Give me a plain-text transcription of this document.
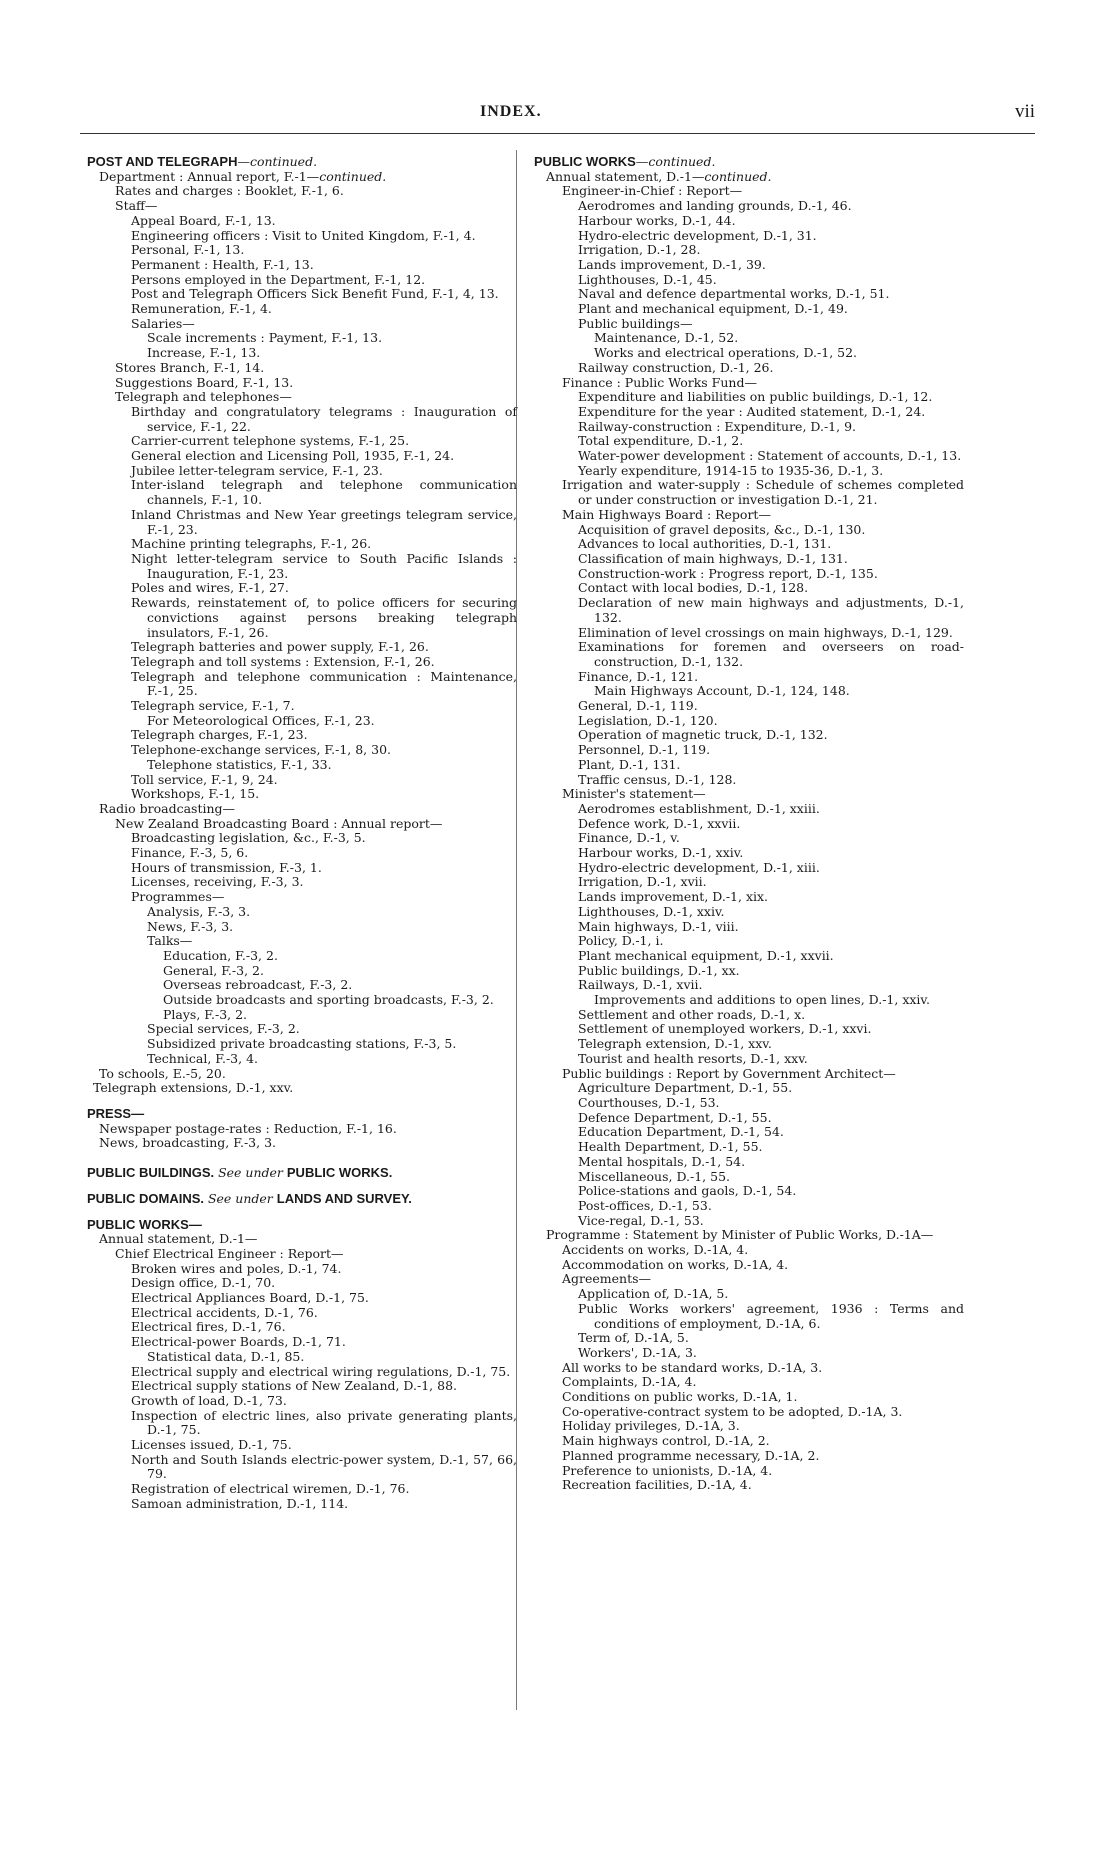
INDEX.	vii
POST AND TELEGRAPH—continued.
Department : Annual report, F.-1—continued.
Rates and charges : Booklet, F.-1, 6.
Staff—
Appeal Board, F.-1, 13.
Engineering officers : Visit to United Kingdom, F.-1, 4.
Personal, F.-1, 13.
Permanent : Health, F.-1, 13.
Persons employed in the Department, F.-1, 12.
Post and Telegraph Officers Sick Benefit Fund, F.-1, 4, 13.
Remuneration, F.-1, 4.
Salaries—
Scale increments : Payment, F.-1, 13.
Increase, F.-1, 13.
Stores Branch, F.-1, 14.
Suggestions Board, F.-1, 13.
Telegraph and telephones—
Birthday and congratulatory telegrams : Inauguration of service, F.-1, 22.
Carrier-current telephone systems, F.-1, 25.
General election and Licensing Poll, 1935, F.-1, 24.
Jubilee letter-telegram service, F.-1, 23.
Inter-island telegraph and telephone communication channels, F.-1, 10.
Inland Christmas and New Year greetings telegram service, F.-1, 23.
Machine printing telegraphs, F.-1, 26.
Night letter-telegram service to South Pacific Islands : Inauguration, F.-1, 23.
Poles and wires, F.-1, 27.
Rewards, reinstatement of, to police officers for securing convictions against persons breaking telegraph insulators, F.-1, 26.
Telegraph batteries and power supply, F.-1, 26.
Telegraph and toll systems : Extension, F.-1, 26.
Telegraph and telephone communication : Maintenance, F.-1, 25.
Telegraph service, F.-1, 7.
For Meteorological Offices, F.-1, 23.
Telegraph charges, F.-1, 23.
Telephone-exchange services, F.-1, 8, 30.
Telephone statistics, F.-1, 33.
Toll service, F.-1, 9, 24.
Workshops, F.-1, 15.
Radio broadcasting—
New Zealand Broadcasting Board : Annual report—
Broadcasting legislation, &c., F.-3, 5.
Finance, F.-3, 5, 6.
Hours of transmission, F.-3, 1.
Licenses, receiving, F.-3, 3.
Programmes—
Analysis, F.-3, 3.
News, F.-3, 3.
Talks—
Education, F.-3, 2.
General, F.-3, 2.
Overseas rebroadcast, F.-3, 2.
Outside broadcasts and sporting broadcasts, F.-3, 2.
Plays, F.-3, 2.
Special services, F.-3, 2.
Subsidized private broadcasting stations, F.-3, 5.
Technical, F.-3, 4.
To schools, E.-5, 20.
Telegraph extensions, D.-1, xxv.
PRESS—
Newspaper postage-rates : Reduction, F.-1, 16.
News, broadcasting, F.-3, 3.
PUBLIC BUILDINGS. See under PUBLIC WORKS.
PUBLIC DOMAINS. See under LANDS AND SURVEY.
PUBLIC WORKS—
Annual statement, D.-1—
Chief Electrical Engineer : Report—
Broken wires and poles, D.-1, 74.
Design office, D.-1, 70.
Electrical Appliances Board, D.-1, 75.
Electrical accidents, D.-1, 76.
Electrical fires, D.-1, 76.
Electrical-power Boards, D.-1, 71.
Statistical data, D.-1, 85.
Electrical supply and electrical wiring regulations, D.-1, 75.
Electrical supply stations of New Zealand, D.-1, 88.
Growth of load, D.-1, 73.
Inspection of electric lines, also private generating plants, D.-1, 75.
Licenses issued, D.-1, 75.
North and South Islands electric-power system, D.-1, 57, 66, 79.
Registration of electrical wiremen, D.-1, 76.
Samoan administration, D.-1, 114.
PUBLIC WORKS—continued.
Annual statement, D.-1—continued.
Engineer-in-Chief : Report—
Aerodromes and landing grounds, D.-1, 46.
Harbour works, D.-1, 44.
Hydro-electric development, D.-1, 31.
Irrigation, D.-1, 28.
Lands improvement, D.-1, 39.
Lighthouses, D.-1, 45.
Naval and defence departmental works, D.-1, 51.
Plant and mechanical equipment, D.-1, 49.
Public buildings—
Maintenance, D.-1, 52.
Works and electrical operations, D.-1, 52.
Railway construction, D.-1, 26.
Finance : Public Works Fund—
Expenditure and liabilities on public buildings, D.-1, 12.
Expenditure for the year : Audited statement, D.-1, 24.
Railway-construction : Expenditure, D.-1, 9.
Total expenditure, D.-1, 2.
Water-power development : Statement of accounts, D.-1, 13.
Yearly expenditure, 1914-15 to 1935-36, D.-1, 3.
Irrigation and water-supply : Schedule of schemes completed or under construction or investigation D.-1, 21.
Main Highways Board : Report—
Acquisition of gravel deposits, &c., D.-1, 130.
Advances to local authorities, D.-1, 131.
Classification of main highways, D.-1, 131.
Construction-work : Progress report, D.-1, 135.
Contact with local bodies, D.-1, 128.
Declaration of new main highways and adjustments, D.-1, 132.
Elimination of level crossings on main highways, D.-1, 129.
Examinations for foremen and overseers on road-construction, D.-1, 132.
Finance, D.-1, 121.
Main Highways Account, D.-1, 124, 148.
General, D.-1, 119.
Legislation, D.-1, 120.
Operation of magnetic truck, D.-1, 132.
Personnel, D.-1, 119.
Plant, D.-1, 131.
Traffic census, D.-1, 128.
Minister's statement—
Aerodromes establishment, D.-1, xxiii.
Defence work, D.-1, xxvii.
Finance, D.-1, v.
Harbour works, D.-1, xxiv.
Hydro-electric development, D.-1, xiii.
Irrigation, D.-1, xvii.
Lands improvement, D.-1, xix.
Lighthouses, D.-1, xxiv.
Main highways, D.-1, viii.
Policy, D.-1, i.
Plant mechanical equipment, D.-1, xxvii.
Public buildings, D.-1, xx.
Railways, D.-1, xvii.
Improvements and additions to open lines, D.-1, xxiv.
Settlement and other roads, D.-1, x.
Settlement of unemployed workers, D.-1, xxvi.
Telegraph extension, D.-1, xxv.
Tourist and health resorts, D.-1, xxv.
Public buildings : Report by Government Architect—
Agriculture Department, D.-1, 55.
Courthouses, D.-1, 53.
Defence Department, D.-1, 55.
Education Department, D.-1, 54.
Health Department, D.-1, 55.
Mental hospitals, D.-1, 54.
Miscellaneous, D.-1, 55.
Police-stations and gaols, D.-1, 54.
Post-offices, D.-1, 53.
Vice-regal, D.-1, 53.
Programme : Statement by Minister of Public Works, D.-1A—
Accidents on works, D.-1A, 4.
Accommodation on works, D.-1A, 4.
Agreements—
Application of, D.-1A, 5.
Public Works workers' agreement, 1936 : Terms and conditions of employment, D.-1A, 6.
Term of, D.-1A, 5.
Workers', D.-1A, 3.
All works to be standard works, D.-1A, 3.
Complaints, D.-1A, 4.
Conditions on public works, D.-1A, 1.
Co-operative-contract system to be adopted, D.-1A, 3.
Holiday privileges, D.-1A, 3.
Main highways control, D.-1A, 2.
Planned programme necessary, D.-1A, 2.
Preference to unionists, D.-1A, 4.
Recreation facilities, D.-1A, 4.
